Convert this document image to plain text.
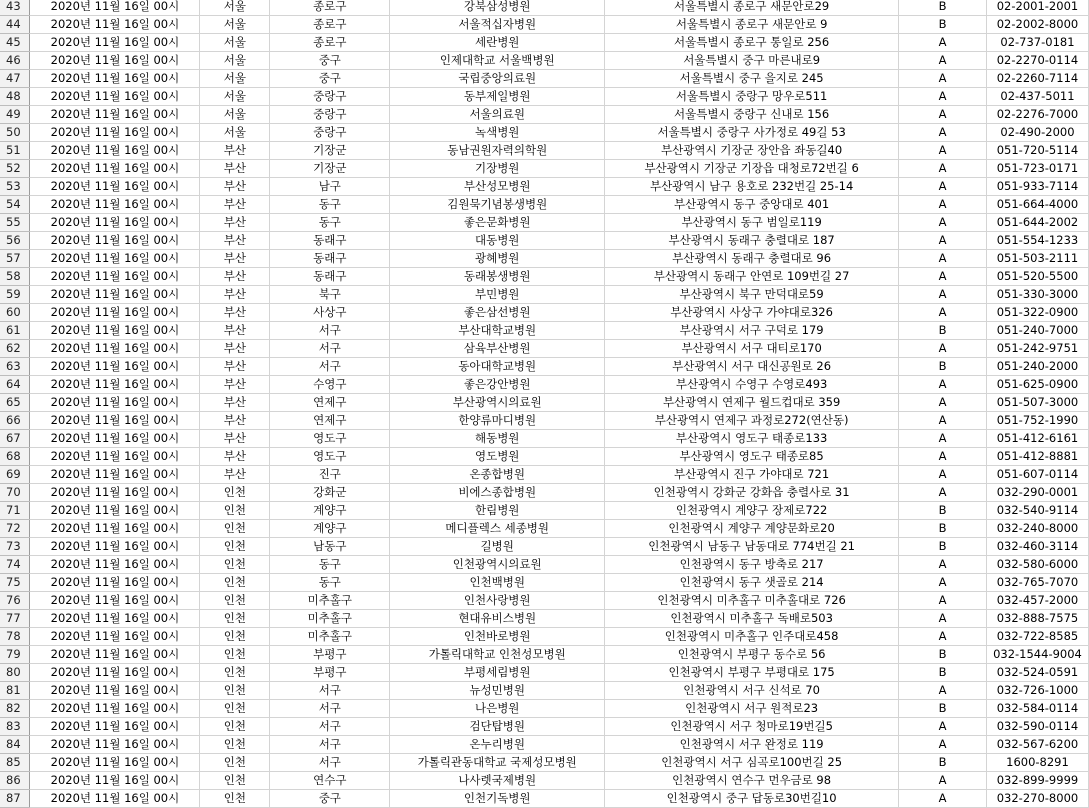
43	2020년 11월 16일 00시	서울	종로구	강북삼성병원	서울특별시 종로구 새문안로29	B	02-2001-2001
44	2020년 11월 16일 00시	서울	종로구	서울적십자병원	서울특별시 종로구 새문안로 9	B	02-2002-8000
45	2020년 11월 16일 00시	서울	종로구	세란병원	서울특별시 종로구 통일로 256	A	02-737-0181
46	2020년 11월 16일 00시	서울	중구	인제대학교 서울백병원	서울특별시 중구 마른내로9	A	02-2270-0114
47	2020년 11월 16일 00시	서울	중구	국립중앙의료원	서울특별시 중구 을지로 245	A	02-2260-7114
48	2020년 11월 16일 00시	서울	중랑구	동부제일병원	서울특별시 중랑구 망우로511	A	02-437-5011
49	2020년 11월 16일 00시	서울	중랑구	서울의료원	서울특별시 중랑구 신내로 156	A	02-2276-7000
50	2020년 11월 16일 00시	서울	중랑구	녹색병원	서울특별시 중랑구 사가정로 49길 53	A	02-490-2000
51	2020년 11월 16일 00시	부산	기장군	동남권원자력의학원	부산광역시 기장군 장안읍 좌동길40	A	051-720-5114
52	2020년 11월 16일 00시	부산	기장군	기장병원	부산광역시 기장군 기장읍 대청로72번길 6	A	051-723-0171
53	2020년 11월 16일 00시	부산	남구	부산성모병원	부산광역시 남구 용호로 232번길 25-14	A	051-933-7114
54	2020년 11월 16일 00시	부산	동구	김원묵기념봉생병원	부산광역시 동구 중앙대로 401	A	051-664-4000
55	2020년 11월 16일 00시	부산	동구	좋은문화병원	부산광역시 동구 범일로119	A	051-644-2002
56	2020년 11월 16일 00시	부산	동래구	대동병원	부산광역시 동래구 충렬대로 187	A	051-554-1233
57	2020년 11월 16일 00시	부산	동래구	광혜병원	부산광역시 동래구 충렬대로 96	A	051-503-2111
58	2020년 11월 16일 00시	부산	동래구	동래봉생병원	부산광역시 동래구 안연로 109번길 27	A	051-520-5500
59	2020년 11월 16일 00시	부산	북구	부민병원	부산광역시 북구 만덕대로59	A	051-330-3000
60	2020년 11월 16일 00시	부산	사상구	좋은삼선병원	부산광역시 사상구 가야대로326	A	051-322-0900
61	2020년 11월 16일 00시	부산	서구	부산대학교병원	부산광역시 서구 구덕로 179	B	051-240-7000
62	2020년 11월 16일 00시	부산	서구	삼육부산병원	부산광역시 서구 대티로170	A	051-242-9751
63	2020년 11월 16일 00시	부산	서구	동아대학교병원	부산광역시 서구 대신공원로 26	B	051-240-2000
64	2020년 11월 16일 00시	부산	수영구	좋은강안병원	부산광역시 수영구 수영로493	A	051-625-0900
65	2020년 11월 16일 00시	부산	연제구	부산광역시의료원	부산광역시 연제구 월드컵대로 359	A	051-507-3000
66	2020년 11월 16일 00시	부산	연제구	한양류마디병원	부산광역시 연제구 과정로272(연산동)	A	051-752-1990
67	2020년 11월 16일 00시	부산	영도구	해동병원	부산광역시 영도구 태종로133	A	051-412-6161
68	2020년 11월 16일 00시	부산	영도구	영도병원	부산광역시 영도구 태종로85	A	051-412-8881
69	2020년 11월 16일 00시	부산	진구	온종합병원	부산광역시 진구 가야대로 721	A	051-607-0114
70	2020년 11월 16일 00시	인천	강화군	비에스종합병원	인천광역시 강화군 강화읍 충렬사로 31	A	032-290-0001
71	2020년 11월 16일 00시	인천	계양구	한림병원	인천광역시 계양구 장제로722	B	032-540-9114
72	2020년 11월 16일 00시	인천	계양구	메디플렉스 세종병원	인천광역시 계양구 계양문화로20	B	032-240-8000
73	2020년 11월 16일 00시	인천	남동구	길병원	인천광역시 남동구 남동대로 774번길 21	B	032-460-3114
74	2020년 11월 16일 00시	인천	동구	인천광역시의료원	인천광역시 동구 방축로 217	A	032-580-6000
75	2020년 11월 16일 00시	인천	동구	인천백병원	인천광역시 동구 샛골로 214	A	032-765-7070
76	2020년 11월 16일 00시	인천	미추홀구	인천사랑병원	인천광역시 미추홀구 미추홀대로 726	A	032-457-2000
77	2020년 11월 16일 00시	인천	미추홀구	현대유비스병원	인천광역시 미추홀구 독배로503	A	032-888-7575
78	2020년 11월 16일 00시	인천	미추홀구	인천바로병원	인천광역시 미추홀구 인주대로458	A	032-722-8585
79	2020년 11월 16일 00시	인천	부평구	가톨릭대학교 인천성모병원	인천광역시 부평구 동수로 56	B	032-1544-9004
80	2020년 11월 16일 00시	인천	부평구	부평세림병원	인천광역시 부평구 부평대로 175	B	032-524-0591
81	2020년 11월 16일 00시	인천	서구	뉴성민병원	인천광역시 서구 신석로 70	A	032-726-1000
82	2020년 11월 16일 00시	인천	서구	나은병원	인천광역시 서구 원적로23	B	032-584-0114
83	2020년 11월 16일 00시	인천	서구	검단탑병원	인천광역시 서구 청마로19번길5	A	032-590-0114
84	2020년 11월 16일 00시	인천	서구	온누리병원	인천광역시 서구 완정로 119	A	032-567-6200
85	2020년 11월 16일 00시	인천	서구	가톨릭관동대학교 국제성모병원	인천광역시 서구 심곡로100번길 25	B	1600-8291
86	2020년 11월 16일 00시	인천	연수구	나사렛국제병원	인천광역시 연수구 먼우금로 98	A	032-899-9999
87	2020년 11월 16일 00시	인천	중구	인천기독병원	인천광역시 중구 답동로30번길10	A	032-270-8000
